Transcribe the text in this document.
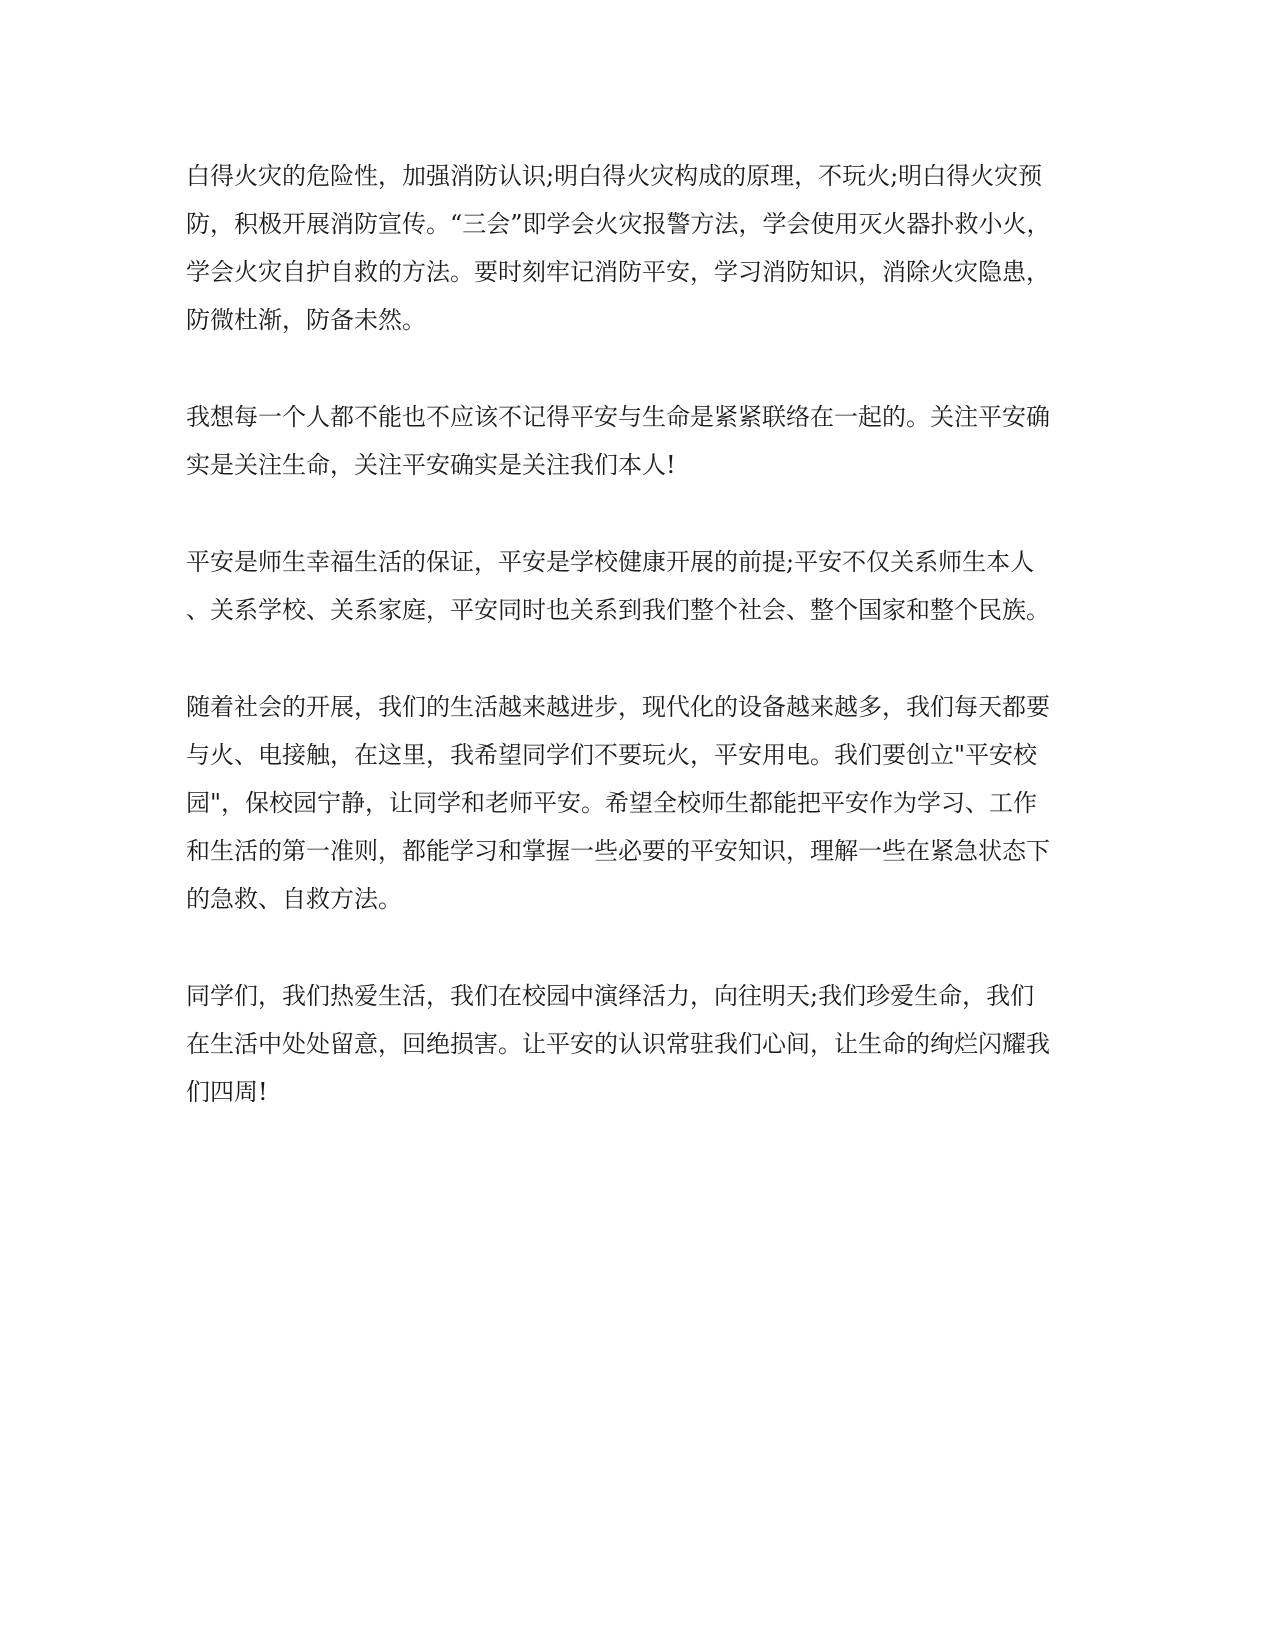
白得火灾的危险性，加强消防认识;明白得火灾构成的原理，不玩火;明白得火灾预
防，积极开展消防宣传。“三会”即学会火灾报警方法，学会使用灭火器扑救小火，
学会火灾自护自救的方法。要时刻牢记消防平安，学习消防知识，消除火灾隐患，
防微杜渐，防备未然。
我想每一个人都不能也不应该不记得平安与生命是紧紧联络在一起的。关注平安确
实是关注生命，关注平安确实是关注我们本人!
平安是师生幸福生活的保证，平安是学校健康开展的前提;平安不仅关系师生本人
、关系学校、关系家庭，平安同时也关系到我们整个社会、整个国家和整个民族。
随着社会的开展，我们的生活越来越进步，现代化的设备越来越多，我们每天都要
与火、电接触，在这里，我希望同学们不要玩火，平安用电。我们要创立"平安校
园"，保校园宁静，让同学和老师平安。希望全校师生都能把平安作为学习、工作
和生活的第一准则，都能学习和掌握一些必要的平安知识，理解一些在紧急状态下
的急救、自救方法。
同学们，我们热爱生活，我们在校园中演绎活力，向往明天;我们珍爱生命，我们
在生活中处处留意，回绝损害。让平安的认识常驻我们心间，让生命的绚烂闪耀我
们四周!
